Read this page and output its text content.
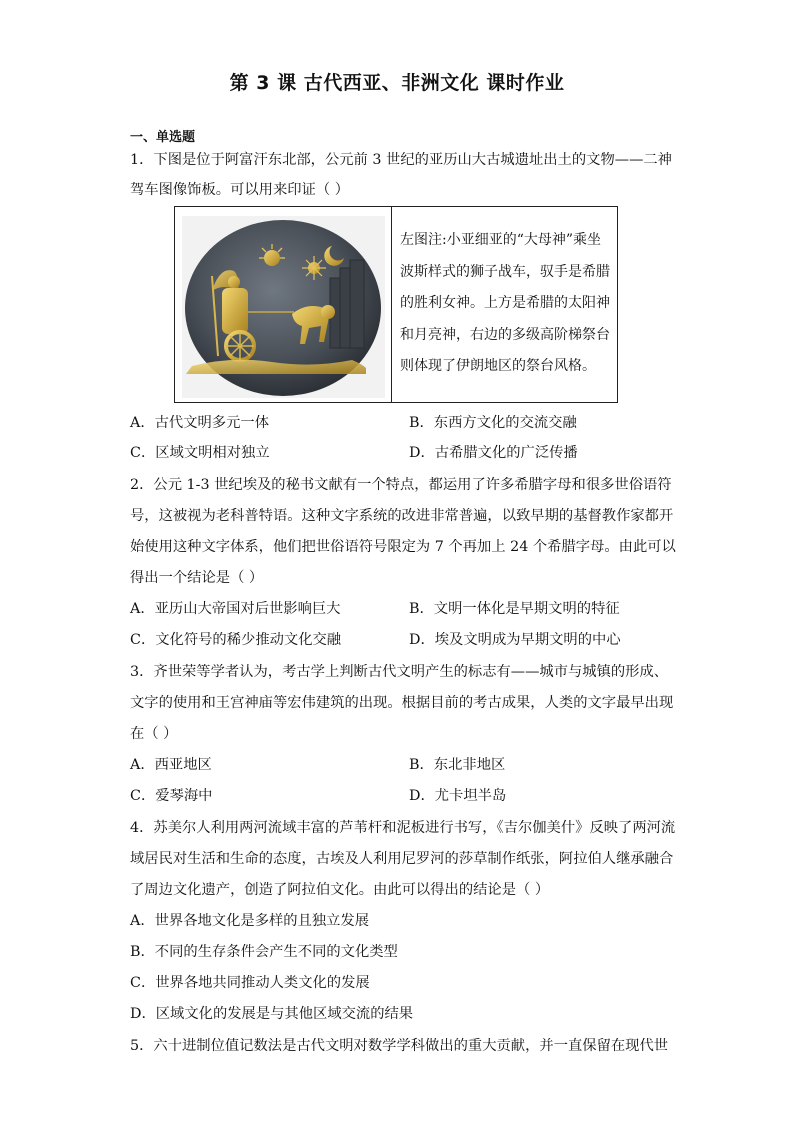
第 3 课 古代西亚、非洲文化 课时作业
一、单选题
1．下图是位于阿富汗东北部，公元前 3 世纪的亚历山大古城遗址出土的文物——二神
驾车图像饰板。可以用来印证（ ）
左图注:小亚细亚的“大母神”乘坐波斯样式的狮子战车，驭手是希腊的胜利女神。上方是希腊的太阳神和月亮神，右边的多级高阶梯祭台则体现了伊朗地区的祭台风格。
A．古代文明多元一体	B．东西方文化的交流交融
C．区域文明相对独立	D．古希腊文化的广泛传播
2．公元 1-3 世纪埃及的秘书文献有一个特点，都运用了许多希腊字母和很多世俗语符
号，这被视为老科普特语。这种文字系统的改进非常普遍，以致早期的基督教作家都开
始使用这种文字体系，他们把世俗语符号限定为 7 个再加上 24 个希腊字母。由此可以
得出一个结论是（ ）
A．亚历山大帝国对后世影响巨大	B．文明一体化是早期文明的特征
C．文化符号的稀少推动文化交融	D．埃及文明成为早期文明的中心
3．齐世荣等学者认为，考古学上判断古代文明产生的标志有——城市与城镇的形成、
文字的使用和王宫神庙等宏伟建筑的出现。根据目前的考古成果，人类的文字最早出现
在（ ）
A．西亚地区	B．东北非地区
C．爱琴海中	D．尤卡坦半岛
4．苏美尔人利用两河流域丰富的芦苇杆和泥板进行书写，《吉尔伽美什》反映了两河流
域居民对生活和生命的态度，古埃及人利用尼罗河的莎草制作纸张，阿拉伯人继承融合
了周边文化遗产，创造了阿拉伯文化。由此可以得出的结论是（ ）
A．世界各地文化是多样的且独立发展
B．不同的生存条件会产生不同的文化类型
C．世界各地共同推动人类文化的发展
D．区域文化的发展是与其他区域交流的结果
5．六十进制位值记数法是古代文明对数学学科做出的重大贡献，并一直保留在现代世
